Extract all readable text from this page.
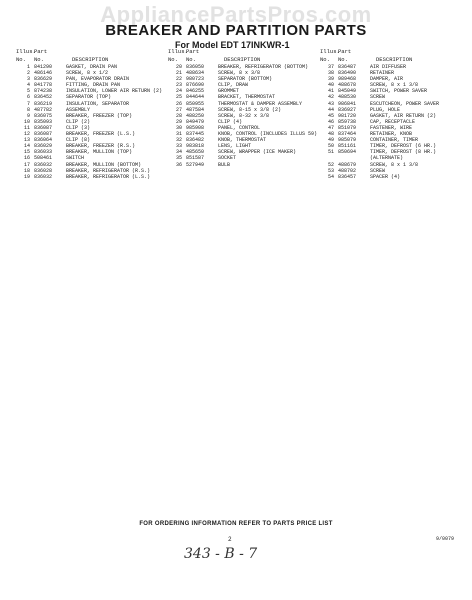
AppliancePartsPros.com
BREAKER AND PARTITION PARTS
For Model EDT 17INKWR-1
Illus.
Part
No. No.	DESCRIPTION
1 841290	GASKET, DRAIN PAN
2 486146	SCREW, 8 x 1/2
3 836629	PAN, EVAPORATOR DRAIN
4 841778	FITTING, DRAIN PAN
5 874238	INSULATION, LOWER AIR RETURN (2)
6 836452	SEPARATOR (TOP)
7 836219	INSULATION, SEPARATOR
8 487782	ASSEMBLY
9 836075	BREAKER, FREEZER (TOP)
10 835093	CLIP (2)
11 836087	CLIP (3)
12 836087	BREAKER, FREEZER (L.S.)
13 836064	CLIP (8)
14 836029	BREAKER, FREEZER (R.S.)
15 836033	BREAKER, MULLION (TOP)
16 508461	SWITCH
17 836032	BREAKER, MULLION (BOTTOM)
18 836028	BREAKER, REFRIGERATOR (R.S.)
19 836032	BREAKER, REFRIGERATOR (L.S.)
Illus.
Part
No. No.	DESCRIPTION
20 836050	BREAKER, REFRIGERATOR (BOTTOM)
21 488634	SCREW, 8 x 3/8
22 980723	SEPARATOR (BOTTOM)
23 876690	CLIP, DRAW
24 846255	GROMMET
25 844644	BRACKET, THERMOSTAT
26 850955	THERMOSTAT & DAMPER ASSEMBLY
27 487584	SCREW, 8-15 x 3/8 (2)
28 488250	SCREW, 8-32 x 3/8
29 849479	CLIP (4)
30 985908	PANEL, CONTROL
31 837445	KNOB, CONTROL (INCLUDES ILLUS 59)
32 836482	KNOB, THERMOSTAT
33 983818	LENS, LIGHT
34 485650	SCREW, WRAPPER (ICE MAKER)
35 851587	SOCKET
36 527949	BULB
Illus.
Part
No. No.	DESCRIPTION
37 836487	AIR DIFFUSER
38 836490	RETAINER
39 989468	DAMPER, AIR
40 488678	SCREW, 8 x 1 3/8
41 845049	SWITCH, POWER SAVER
42 488530	SCREW
43 986841	ESCUTCHEON, POWER SAVER
44 836927	PLUG, HOLE
45 981720	GASKET, AIR RETURN (2)
46 859738	CAP, RECEPTACLE
47 851079	FASTENER, WIRE
48 837464	RETAINER, KNOB
49 985079	CONTAINER, TIMER
50 851161	TIMER, DEFROST (6 HR.)
51 850694	TIMER, DEFROST (8 HR.) (ALTERNATE)
52 488679	SCREW, 8 x 1 3/8
53 488702	SCREW
54 836457	SPACER (4)
FOR ORDERING INFORMATION REFER TO PARTS PRICE LIST
2	9/0079
343 - B - 7
